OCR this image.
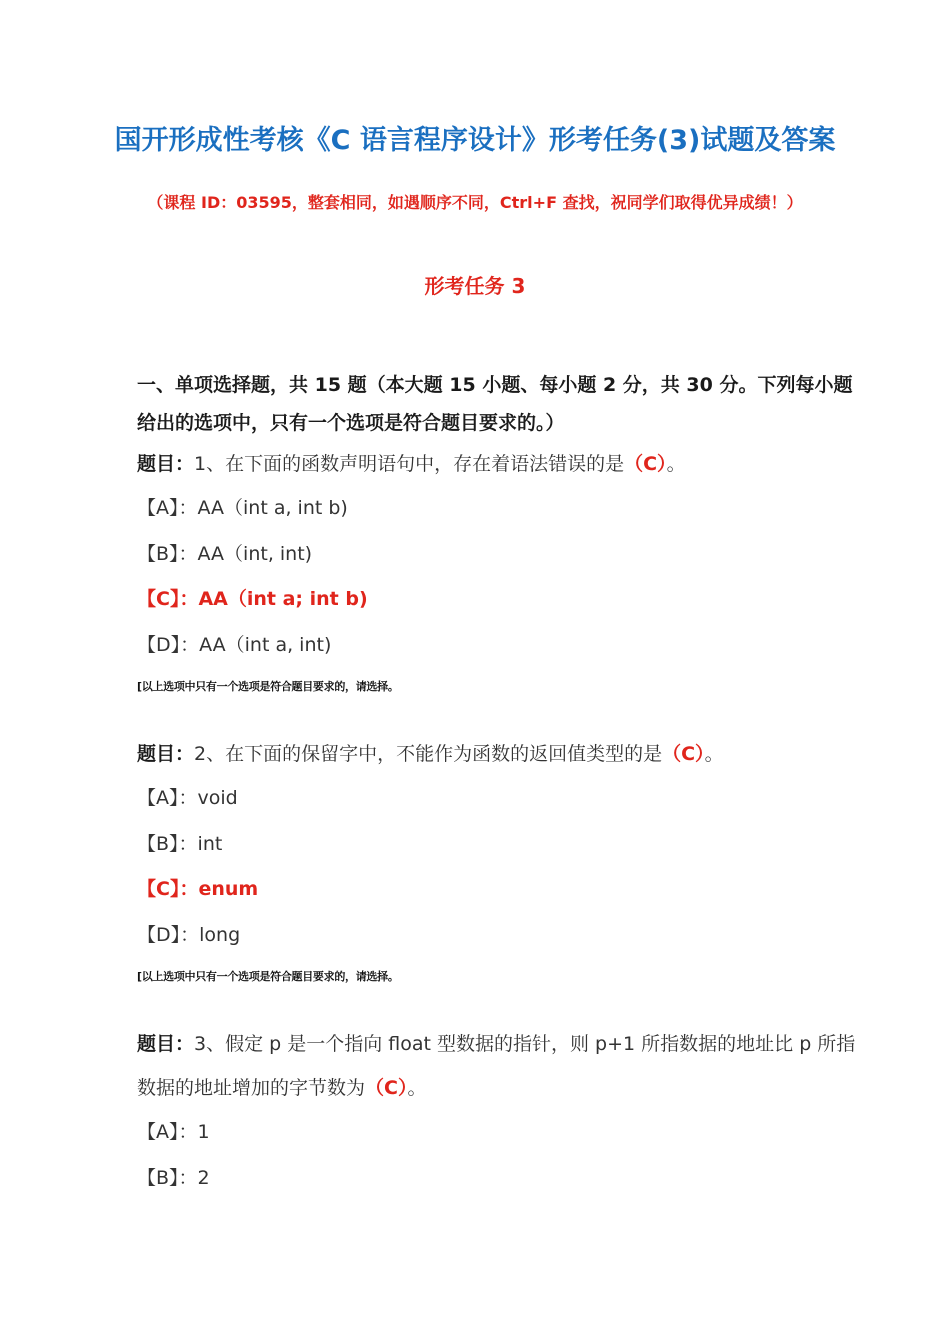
国开形成性考核《C 语言程序设计》形考任务(3)试题及答案
（课程 ID：03595，整套相同，如遇顺序不同，Ctrl+F 查找，祝同学们取得优异成绩！）
形考任务 3
一、单项选择题，共 15 题（本大题 15 小题、每小题 2 分，共 30 分。下列每小题给出的选项中，只有一个选项是符合题目要求的。）
题目：1、在下面的函数声明语句中，存在着语法错误的是（C）。
【A】：AA（int a, int b)
【B】：AA（int, int)
【C】：AA（int a; int b)
【D】：AA（int a, int)
[以上选项中只有一个选项是符合题目要求的，请选择。
题目：2、在下面的保留字中，不能作为函数的返回值类型的是（C）。
【A】：void
【B】：int
【C】：enum
【D】：long
[以上选项中只有一个选项是符合题目要求的，请选择。
题目：3、假定 p 是一个指向 float 型数据的指针，则 p+1 所指数据的地址比 p 所指数据的地址增加的字节数为（C）。
【A】：1
【B】：2
